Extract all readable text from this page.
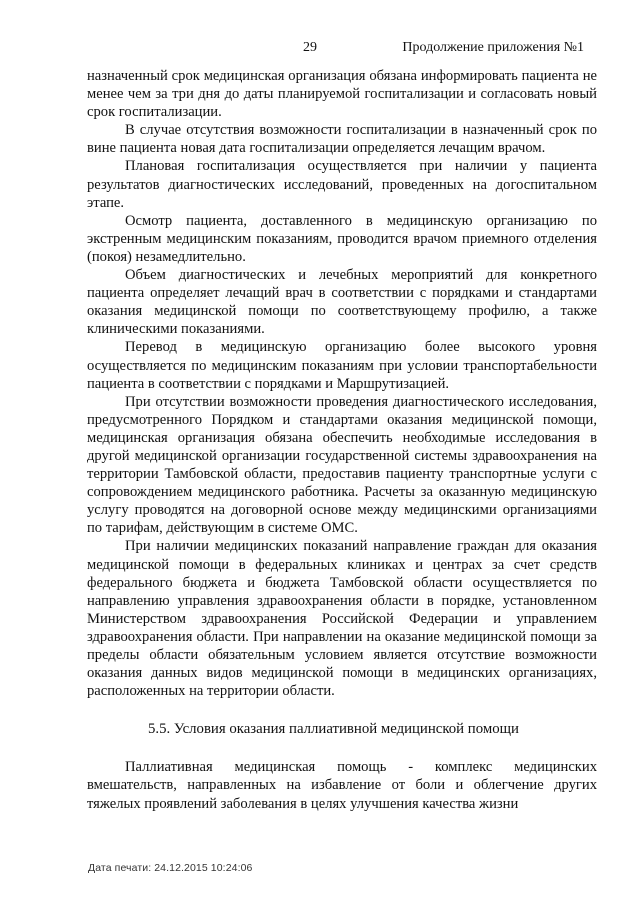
29	Продолжение приложения №1

назначенный срок медицинская организация обязана информировать пациента не менее чем за три дня до даты планируемой госпитализации и согласовать новый срок госпитализации.

В случае отсутствия возможности госпитализации в назначенный срок по вине пациента новая дата госпитализации определяется лечащим врачом.

Плановая госпитализация осуществляется при наличии у пациента результатов диагностических исследований, проведенных на догоспитальном этапе.

Осмотр пациента, доставленного в медицинскую организацию по экстренным медицинским показаниям, проводится врачом приемного отделения (покоя) незамедлительно.

Объем диагностических и лечебных мероприятий для конкретного пациента определяет лечащий врач в соответствии с порядками и стандартами оказания медицинской помощи по соответствующему профилю, а также клиническими показаниями.

Перевод в медицинскую организацию более высокого уровня осуществляется по медицинским показаниям при условии транспортабельности пациента в соответствии с порядками и Маршрутизацией.

При отсутствии возможности проведения диагностического исследования, предусмотренного Порядком и стандартами оказания медицинской помощи, медицинская организация обязана обеспечить необходимые исследования в другой медицинской организации государственной системы здравоохранения на территории Тамбовской области, предоставив пациенту транспортные услуги с сопровождением медицинского работника. Расчеты за оказанную медицинскую услугу проводятся на договорной основе между медицинскими организациями по тарифам, действующим в системе ОМС.

При наличии медицинских показаний направление граждан для оказания медицинской помощи в федеральных клиниках и центрах за счет средств федерального бюджета и бюджета Тамбовской области осуществляется по направлению управления здравоохранения области в порядке, установленном Министерством здравоохранения Российской Федерации и управлением здравоохранения области. При направлении на оказание медицинской помощи за пределы области обязательным условием является отсутствие возможности оказания данных видов медицинской помощи в медицинских организациях, расположенных на территории области.

5.5. Условия оказания паллиативной медицинской помощи

Паллиативная медицинская помощь - комплекс медицинских вмешательств, направленных на избавление от боли и облегчение других тяжелых проявлений заболевания в целях улучшения качества жизни

Дата печати: 24.12.2015 10:24:06
